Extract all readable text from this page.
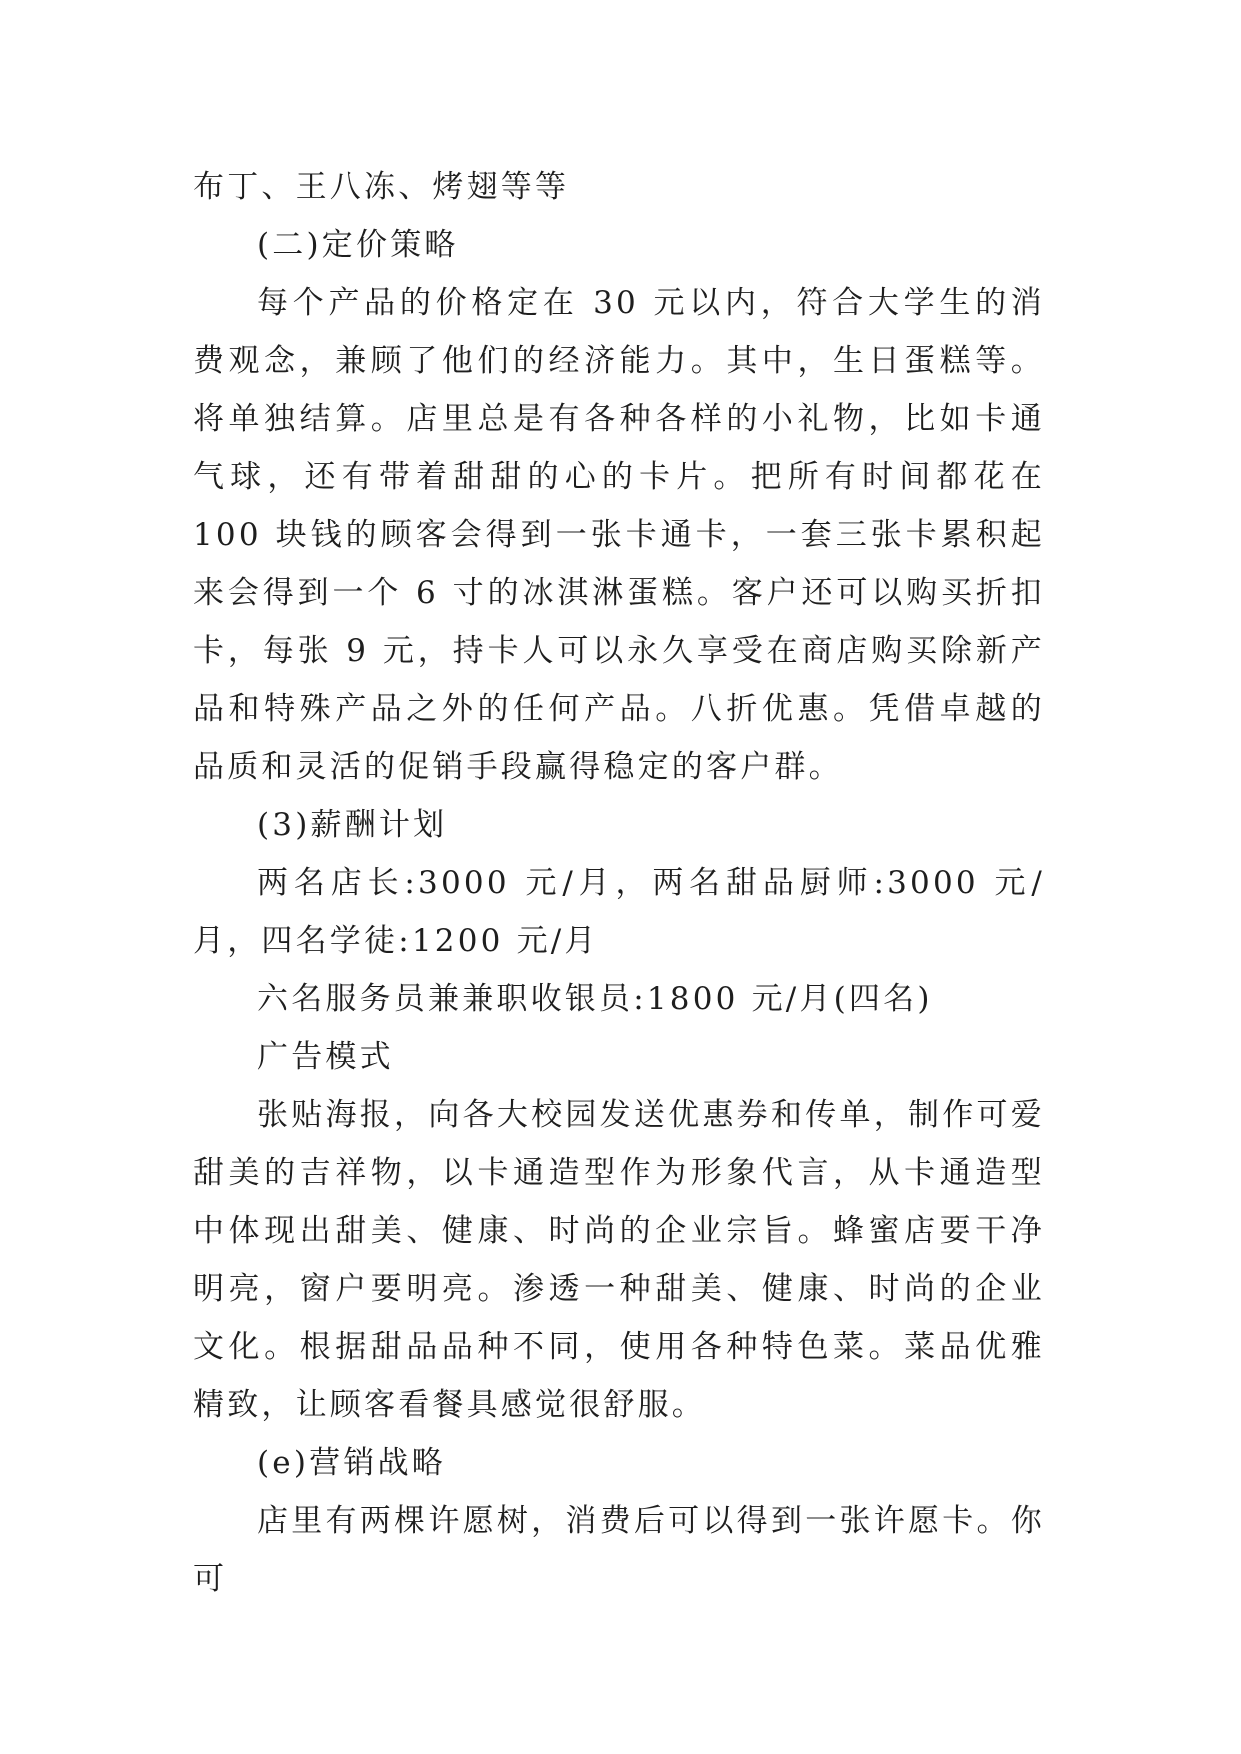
布丁、王八冻、烤翅等等

(二)定价策略

每个产品的价格定在 30 元以内，符合大学生的消费观念，兼顾了他们的经济能力。其中，生日蛋糕等。将单独结算。店里总是有各种各样的小礼物，比如卡通气球，还有带着甜甜的心的卡片。把所有时间都花在 100 块钱的顾客会得到一张卡通卡，一套三张卡累积起来会得到一个 6 寸的冰淇淋蛋糕。客户还可以购买折扣卡，每张 9 元，持卡人可以永久享受在商店购买除新产品和特殊产品之外的任何产品。八折优惠。凭借卓越的品质和灵活的促销手段赢得稳定的客户群。

(3)薪酬计划

两名店长:3000 元/月，两名甜品厨师:3000 元/月，四名学徒:1200 元/月

六名服务员兼兼职收银员:1800 元/月(四名)

广告模式

张贴海报，向各大校园发送优惠券和传单，制作可爱甜美的吉祥物，以卡通造型作为形象代言，从卡通造型中体现出甜美、健康、时尚的企业宗旨。蜂蜜店要干净明亮，窗户要明亮。渗透一种甜美、健康、时尚的企业文化。根据甜品品种不同，使用各种特色菜。菜品优雅精致，让顾客看餐具感觉很舒服。

(e)营销战略

店里有两棵许愿树，消费后可以得到一张许愿卡。你可
